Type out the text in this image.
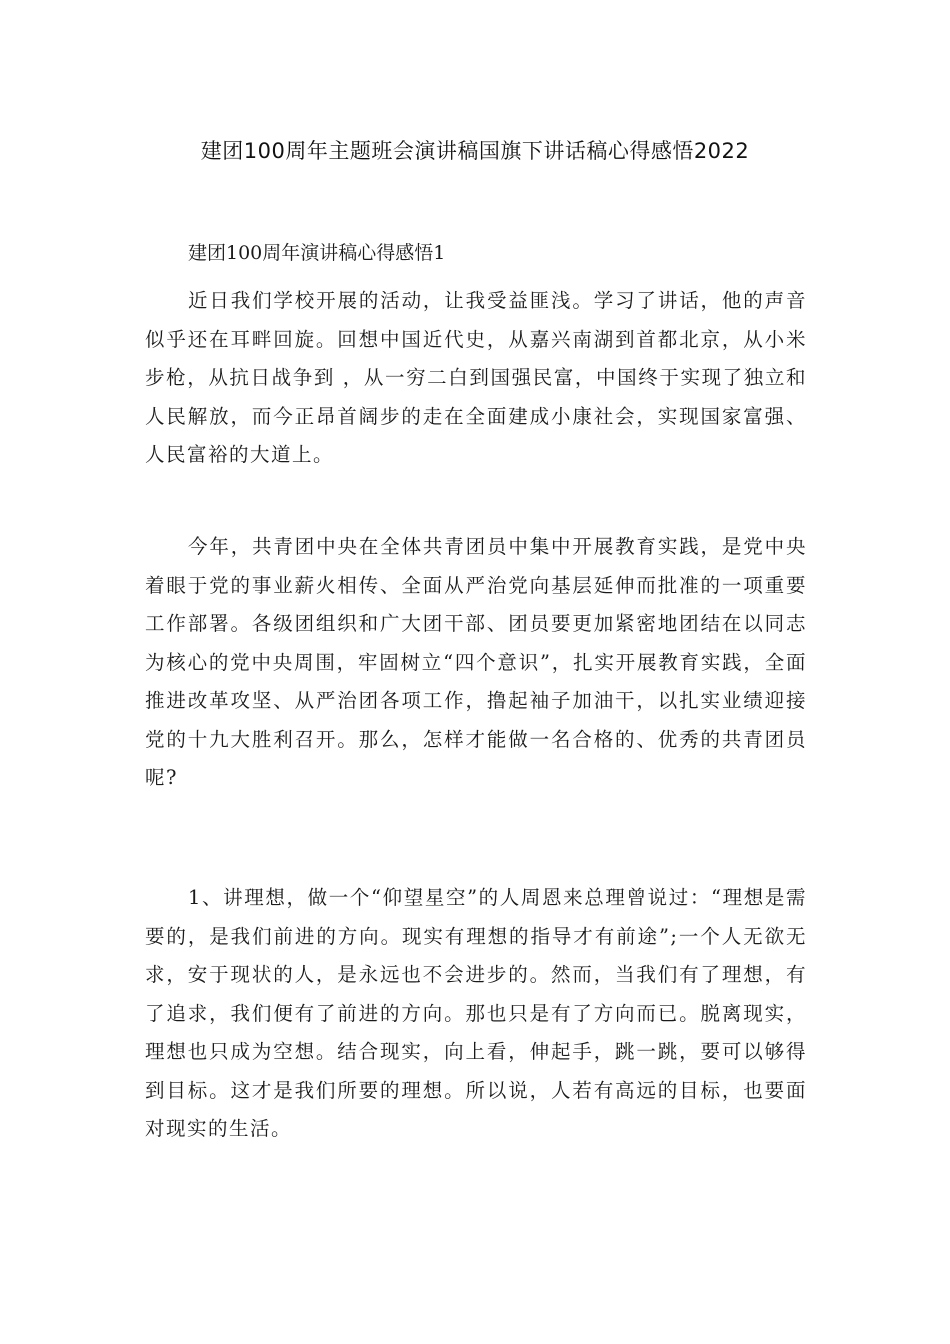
建团100周年主题班会演讲稿国旗下讲话稿心得感悟2022

建团100周年演讲稿心得感悟1

近日我们学校开展的活动，让我受益匪浅。学习了讲话，他的声音似乎还在耳畔回旋。回想中国近代史，从嘉兴南湖到首都北京，从小米步枪，从抗日战争到 ，从一穷二白到国强民富，中国终于实现了独立和人民解放，而今正昂首阔步的走在全面建成小康社会，实现国家富强、人民富裕的大道上。

今年，共青团中央在全体共青团员中集中开展教育实践，是党中央着眼于党的事业薪火相传、全面从严治党向基层延伸而批准的一项重要工作部署。各级团组织和广大团干部、团员要更加紧密地团结在以同志为核心的党中央周围，牢固树立“四个意识”，扎实开展教育实践，全面推进改革攻坚、从严治团各项工作，撸起袖子加油干，以扎实业绩迎接党的十九大胜利召开。那么，怎样才能做一名合格的、优秀的共青团员呢?

1、讲理想，做一个“仰望星空”的人周恩来总理曾说过：“理想是需要的，是我们前进的方向。现实有理想的指导才有前途”;一个人无欲无求，安于现状的人，是永远也不会进步的。然而，当我们有了理想，有了追求，我们便有了前进的方向。那也只是有了方向而已。脱离现实，理想也只成为空想。结合现实，向上看，伸起手，跳一跳，要可以够得到目标。这才是我们所要的理想。所以说，人若有高远的目标，也要面对现实的生活。
